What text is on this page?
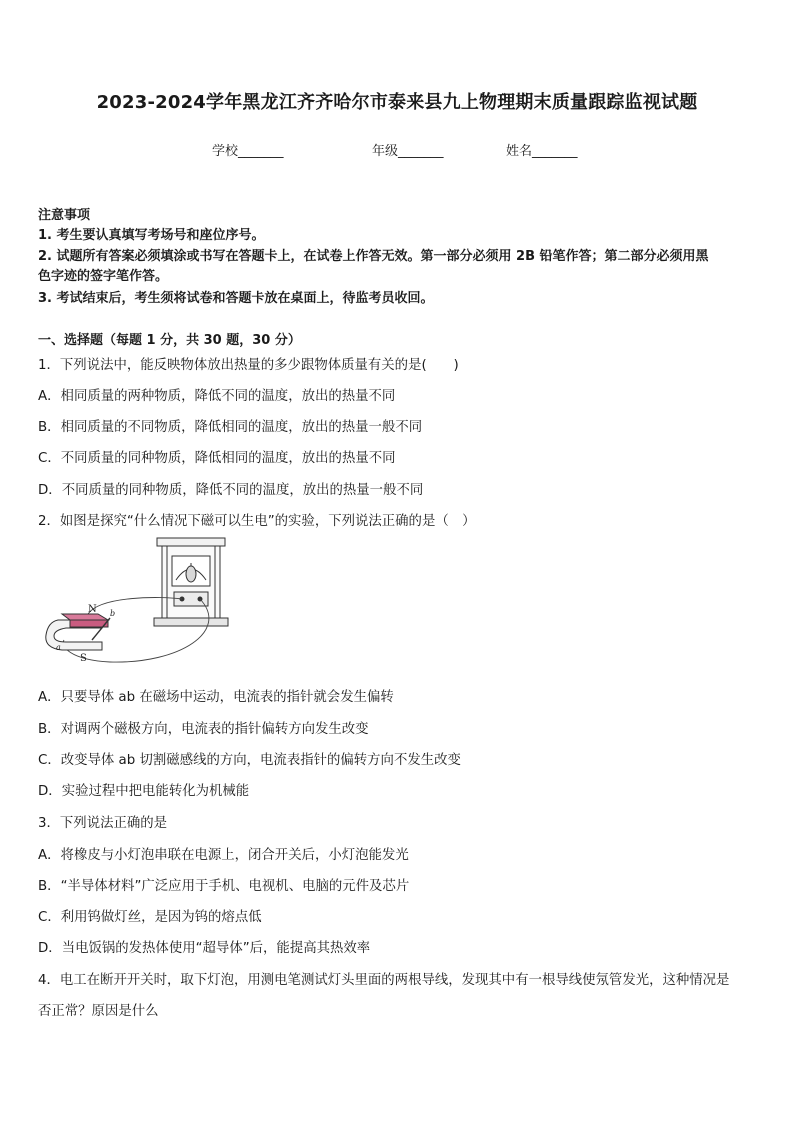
2023-2024学年黑龙江齐齐哈尔市泰来县九上物理期末质量跟踪监视试题
学校_______	年级_______	姓名_______
注意事项
1. 考生要认真填写考场号和座位序号。
2. 试题所有答案必须填涂或书写在答题卡上，在试卷上作答无效。第一部分必须用 2B 铅笔作答；第二部分必须用黑
色字迹的签字笔作答。
3. 考试结束后，考生须将试卷和答题卡放在桌面上，待监考员收回。
一、选择题（每题 1 分，共 30 题，30 分）
1．下列说法中，能反映物体放出热量的多少跟物体质量有关的是(　　)
A．相同质量的两种物质，降低不同的温度，放出的热量不同
B．相同质量的不同物质，降低相同的温度，放出的热量一般不同
C．不同质量的同种物质，降低相同的温度，放出的热量不同
D．不同质量的同种物质，降低不同的温度，放出的热量一般不同
2．如图是探究“什么情况下磁可以生电”的实验，下列说法正确的是（　）
N
S
b
a
A．只要导体 ab 在磁场中运动，电流表的指针就会发生偏转
B．对调两个磁极方向，电流表的指针偏转方向发生改变
C．改变导体 ab 切割磁感线的方向，电流表指针的偏转方向不发生改变
D．实验过程中把电能转化为机械能
3．下列说法正确的是
A．将橡皮与小灯泡串联在电源上，闭合开关后，小灯泡能发光
B．“半导体材料”广泛应用于手机、电视机、电脑的元件及芯片
C．利用钨做灯丝，是因为钨的熔点低
D．当电饭锅的发热体使用“超导体”后，能提高其热效率
4．电工在断开开关时，取下灯泡，用测电笔测试灯头里面的两根导线，发现其中有一根导线使氖管发光，这种情况是
否正常？原因是什么
